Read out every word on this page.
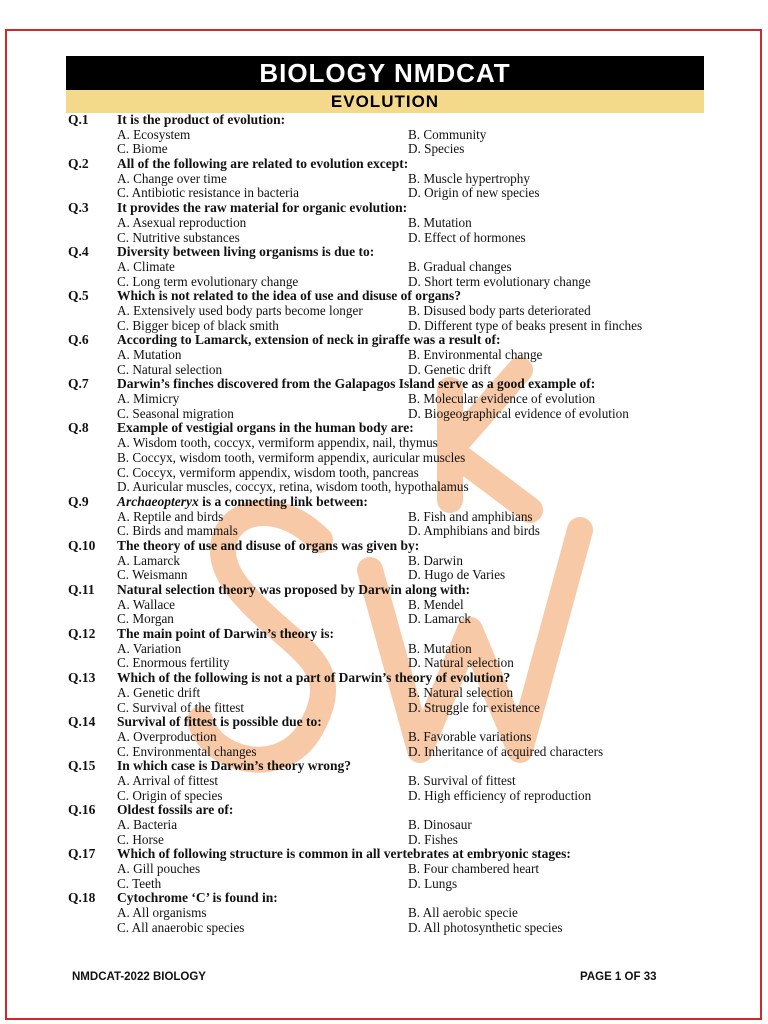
BIOLOGY NMDCAT
EVOLUTION
Q.1 It is the product of evolution:
A. Ecosystem	B. Community
C. Biome	D. Species
Q.2 All of the following are related to evolution except:
A. Change over time	B. Muscle hypertrophy
C. Antibiotic resistance in bacteria	D. Origin of new species
Q.3 It provides the raw material for organic evolution:
A. Asexual reproduction	B. Mutation
C. Nutritive substances	D. Effect of hormones
Q.4 Diversity between living organisms is due to:
A. Climate	B. Gradual changes
C. Long term evolutionary change	D. Short term evolutionary change
Q.5 Which is not related to the idea of use and disuse of organs?
A. Extensively used body parts become longer	B. Disused body parts deteriorated
C. Bigger bicep of black smith	D. Different type of beaks present in finches
Q.6 According to Lamarck, extension of neck in giraffe was a result of:
A. Mutation	B. Environmental change
C. Natural selection	D. Genetic drift
Q.7 Darwin’s finches discovered from the Galapagos Island serve as a good example of:
A. Mimicry	B. Molecular evidence of evolution
C. Seasonal migration	D. Biogeographical evidence of evolution
Q.8 Example of vestigial organs in the human body are:
A. Wisdom tooth, coccyx, vermiform appendix, nail, thymus
B. Coccyx, wisdom tooth, vermiform appendix, auricular muscles
C. Coccyx, vermiform appendix, wisdom tooth, pancreas
D. Auricular muscles, coccyx, retina, wisdom tooth, hypothalamus
Q.9 Archaeopteryx is a connecting link between:
A. Reptile and birds	B. Fish and amphibians
C. Birds and mammals	D. Amphibians and birds
Q.10 The theory of use and disuse of organs was given by:
A. Lamarck	B. Darwin
C. Weismann	D. Hugo de Varies
Q.11 Natural selection theory was proposed by Darwin along with:
A. Wallace	B. Mendel
C. Morgan	D. Lamarck
Q.12 The main point of Darwin’s theory is:
A. Variation	B. Mutation
C. Enormous fertility	D. Natural selection
Q.13 Which of the following is not a part of Darwin’s theory of evolution?
A. Genetic drift	B. Natural selection
C. Survival of the fittest	D. Struggle for existence
Q.14 Survival of fittest is possible due to:
A. Overproduction	B. Favorable variations
C. Environmental changes	D. Inheritance of acquired characters
Q.15 In which case is Darwin’s theory wrong?
A. Arrival of fittest	B. Survival of fittest
C. Origin of species	D. High efficiency of reproduction
Q.16 Oldest fossils are of:
A. Bacteria	B. Dinosaur
C. Horse	D. Fishes
Q.17 Which of following structure is common in all vertebrates at embryonic stages:
A. Gill pouches	B. Four chambered heart
C. Teeth	D. Lungs
Q.18 Cytochrome ‘C’ is found in:
A. All organisms	B. All aerobic specie
C. All anaerobic species	D. All photosynthetic species
NMDCAT-2022 BIOLOGY	PAGE 1 OF 33
